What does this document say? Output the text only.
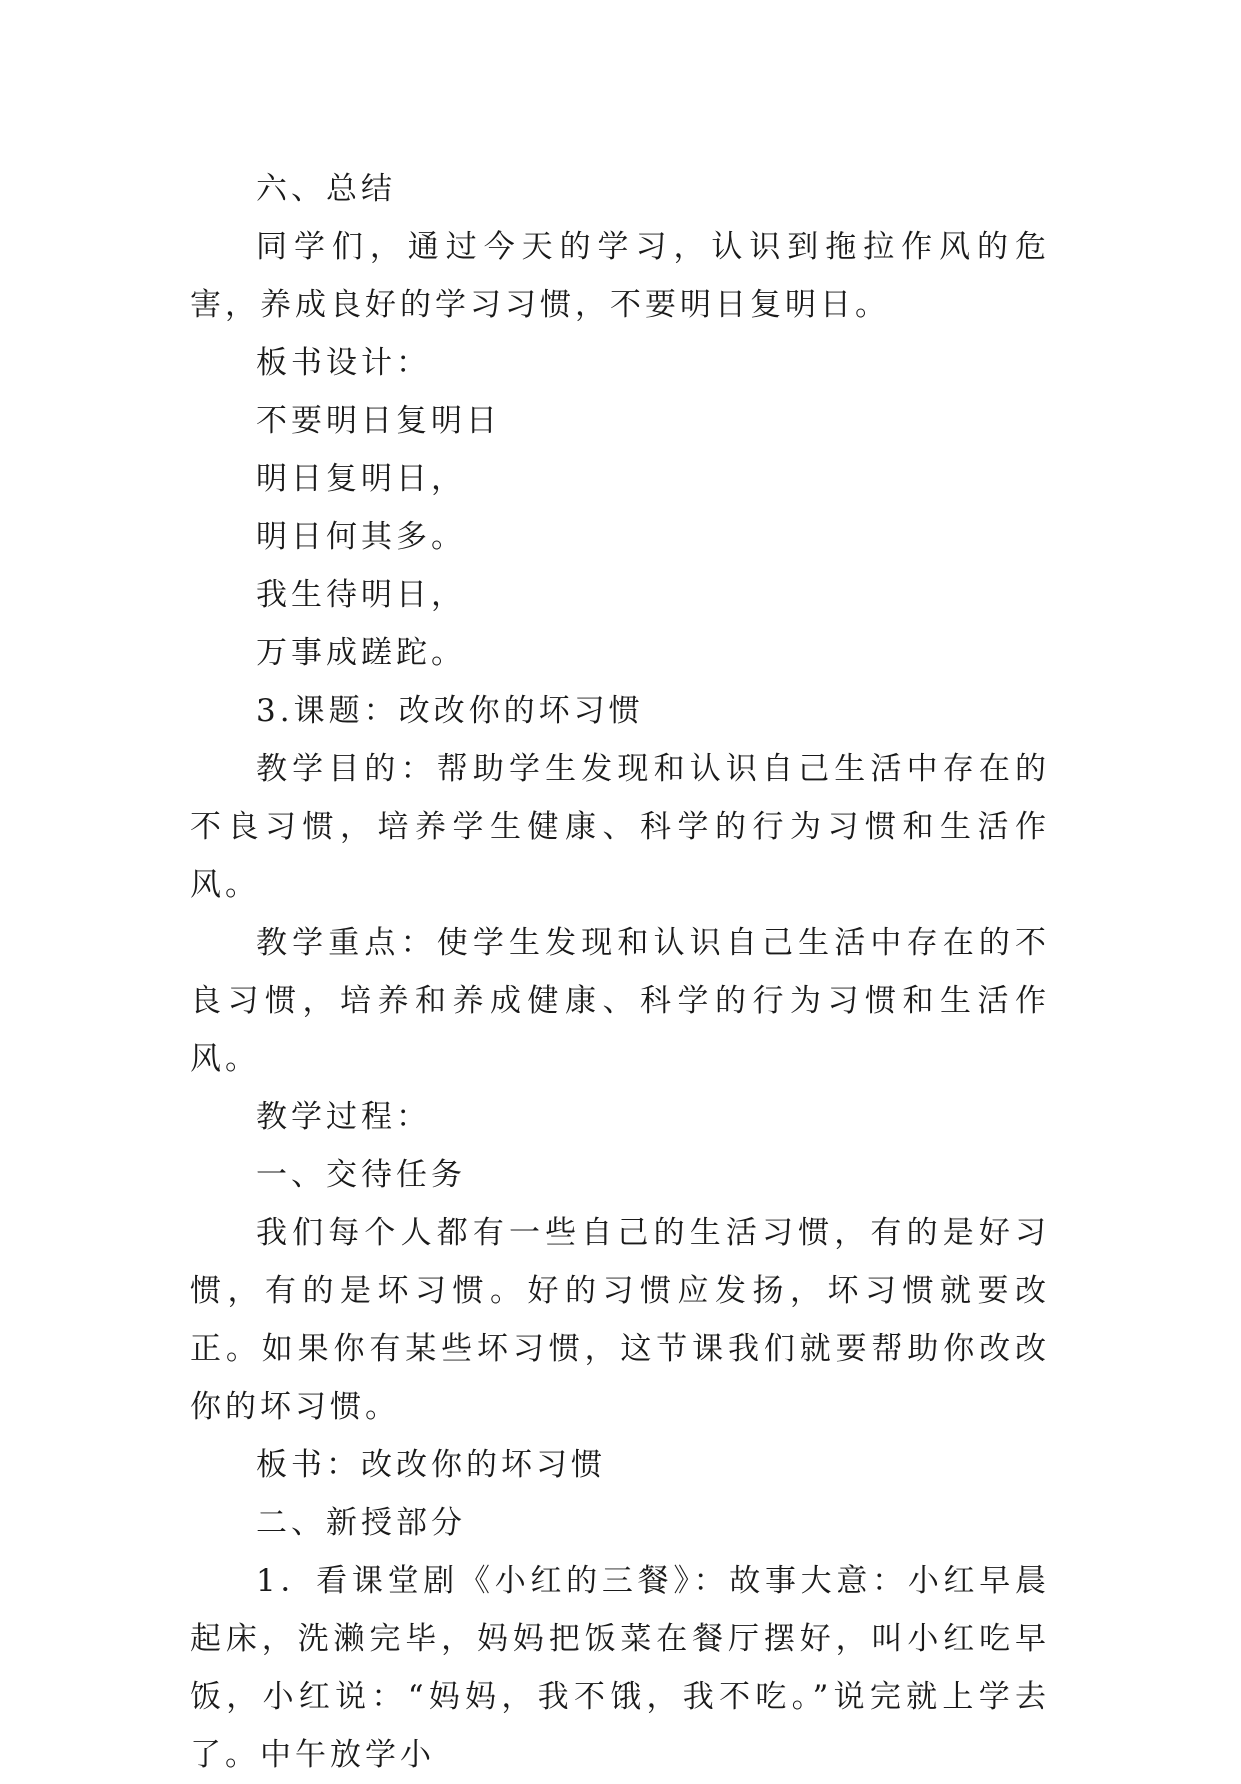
六、总结

同学们，通过今天的学习，认识到拖拉作风的危害，养成良好的学习习惯，不要明日复明日。

板书设计：

不要明日复明日

明日复明日，

明日何其多。

我生待明日，

万事成蹉跎。

3.课题：改改你的坏习惯

教学目的：帮助学生发现和认识自己生活中存在的不良习惯，培养学生健康、科学的行为习惯和生活作风。

教学重点：使学生发现和认识自己生活中存在的不良习惯，培养和养成健康、科学的行为习惯和生活作风。

教学过程：

一、交待任务

我们每个人都有一些自己的生活习惯，有的是好习惯，有的是坏习惯。好的习惯应发扬，坏习惯就要改正。如果你有某些坏习惯，这节课我们就要帮助你改改你的坏习惯。

板书：改改你的坏习惯

二、新授部分

1．看课堂剧《小红的三餐》：故事大意：小红早晨起床，洗濑完毕，妈妈把饭菜在餐厅摆好，叫小红吃早饭，小红说：“妈妈，我不饿，我不吃。”说完就上学去了。中午放学小
